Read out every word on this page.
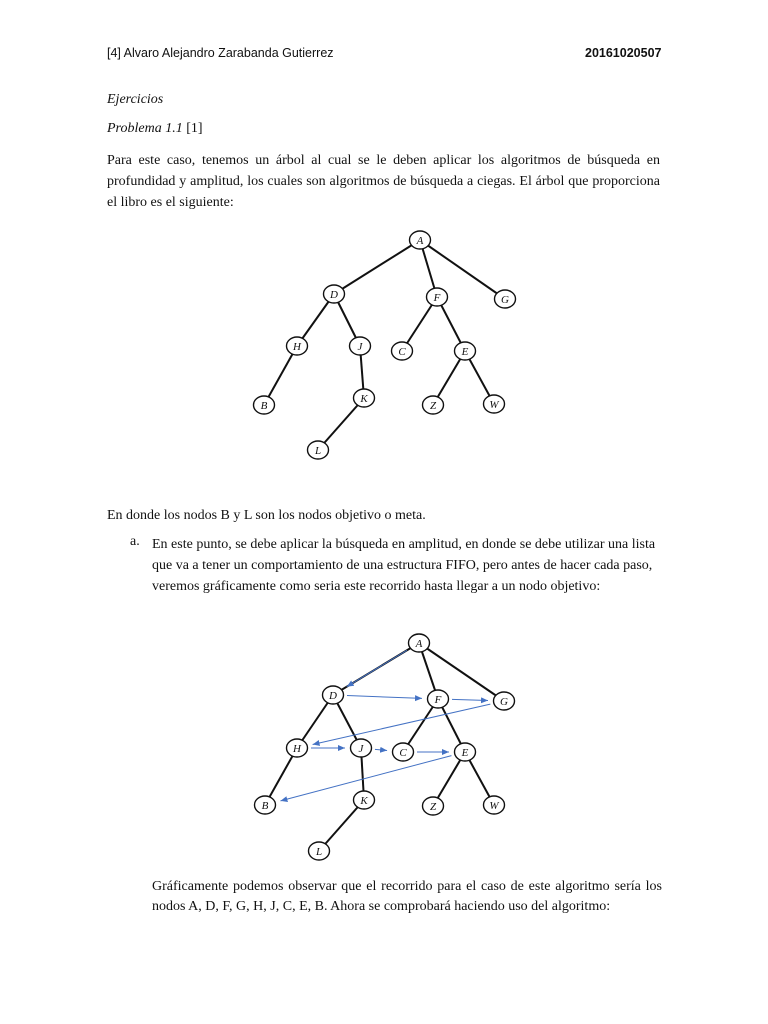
[4] Alvaro Alejandro Zarabanda Gutierrez	20161020507
Ejercicios
Problema 1.1 [1]
Para este caso, tenemos un árbol al cual se le deben aplicar los algoritmos de búsqueda en profundidad y amplitud, los cuales son algoritmos de búsqueda a ciegas. El árbol que proporciona el libro es el siguiente:
A
D	F	G
H	J	C	E
B
K
Z	W
L
En donde los nodos B y L son los nodos objetivo o meta.
a. En este punto, se debe aplicar la búsqueda en amplitud, en donde se debe utilizar una lista que va a tener un comportamiento de una estructura FIFO, pero antes de hacer cada paso, veremos gráficamente como seria este recorrido hasta llegar a un nodo objetivo:
A
D	F	G
H	J	C	E
B	K	Z	W
L
Gráficamente podemos observar que el recorrido para el caso de este algoritmo sería los nodos A, D, F, G, H, J, C, E, B. Ahora se comprobará haciendo uso del algoritmo:
